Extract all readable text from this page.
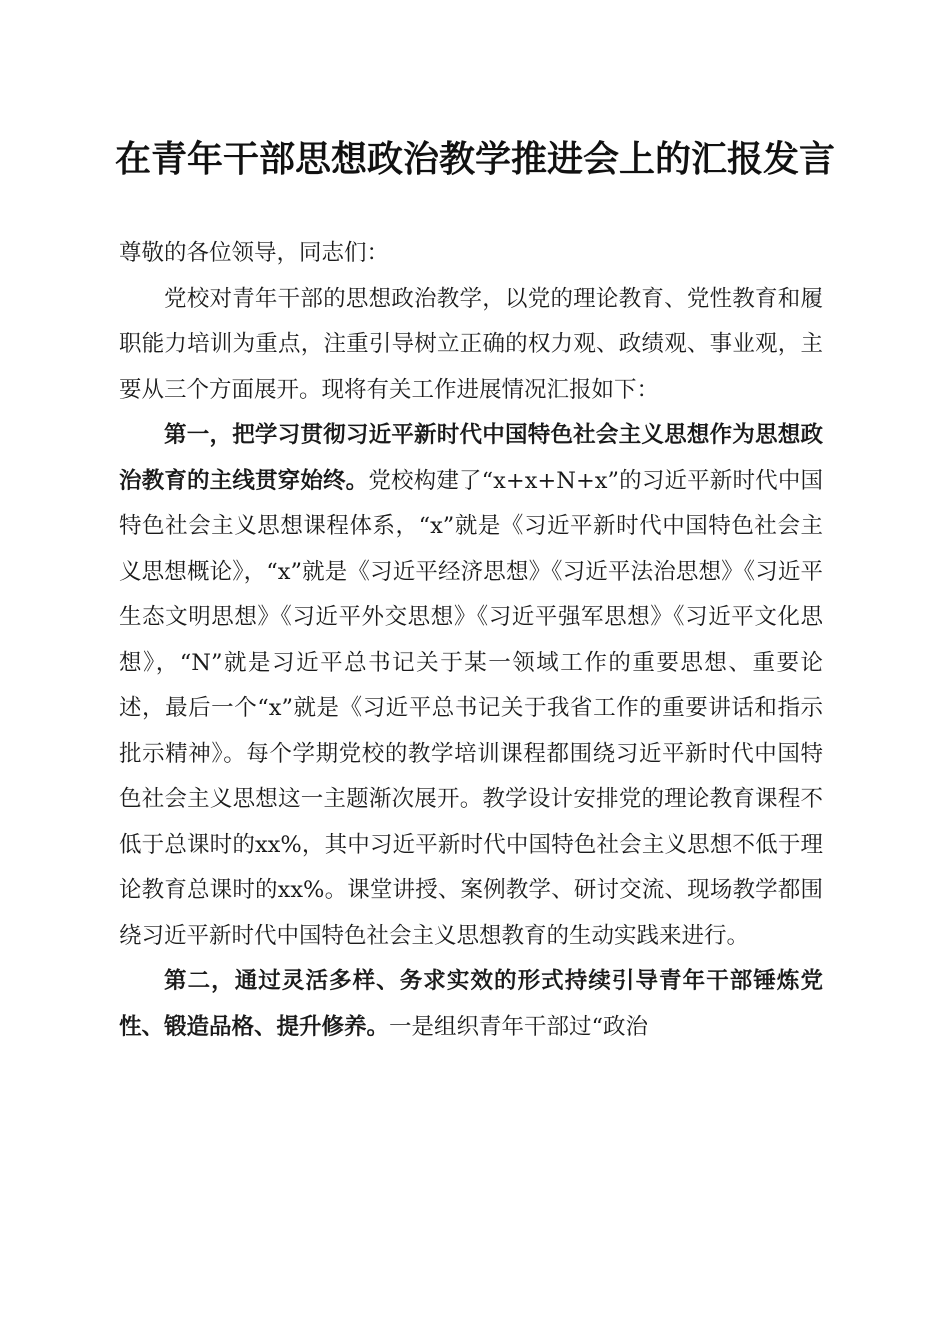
在青年干部思想政治教学推进会上的汇报发言

尊敬的各位领导，同志们：

党校对青年干部的思想政治教学，以党的理论教育、党性教育和履职能力培训为重点，注重引导树立正确的权力观、政绩观、事业观，主要从三个方面展开。现将有关工作进展情况汇报如下：

第一，把学习贯彻习近平新时代中国特色社会主义思想作为思想政治教育的主线贯穿始终。党校构建了“x+x+N+x”的习近平新时代中国特色社会主义思想课程体系，“x”就是《习近平新时代中国特色社会主义思想概论》，“x”就是《习近平经济思想》《习近平法治思想》《习近平生态文明思想》《习近平外交思想》《习近平强军思想》《习近平文化思想》，“N”就是习近平总书记关于某一领域工作的重要思想、重要论述，最后一个“x”就是《习近平总书记关于我省工作的重要讲话和指示批示精神》。每个学期党校的教学培训课程都围绕习近平新时代中国特色社会主义思想这一主题渐次展开。教学设计安排党的理论教育课程不低于总课时的xx%，其中习近平新时代中国特色社会主义思想不低于理论教育总课时的xx%。课堂讲授、案例教学、研讨交流、现场教学都围绕习近平新时代中国特色社会主义思想教育的生动实践来进行。

第二，通过灵活多样、务求实效的形式持续引导青年干部锤炼党性、锻造品格、提升修养。一是组织青年干部过“政治
